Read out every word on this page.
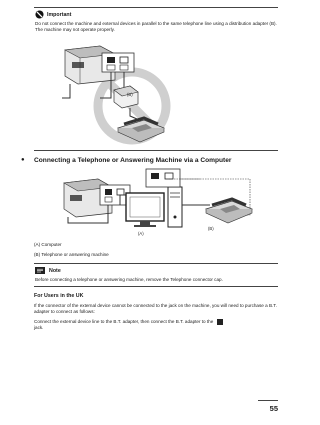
Important
Do not connect the machine and external devices in parallel to the same telephone line using a distribution adapter (B). The machine may not operate properly.
(B)
● Connecting a Telephone or Answering Machine via a Computer
(A)
(B)
(A) Computer
(B) Telephone or answering machine
Note
Before connecting a telephone or answering machine, remove the Telephone connector cap.
For Users in the UK
If the connector of the external device cannot be connected to the jack on the machine, you will need to purchase a B.T. adapter to connect as follows:
Connect the external device line to the B.T. adapter, then connect the B.T. adapter to the
jack.
55
